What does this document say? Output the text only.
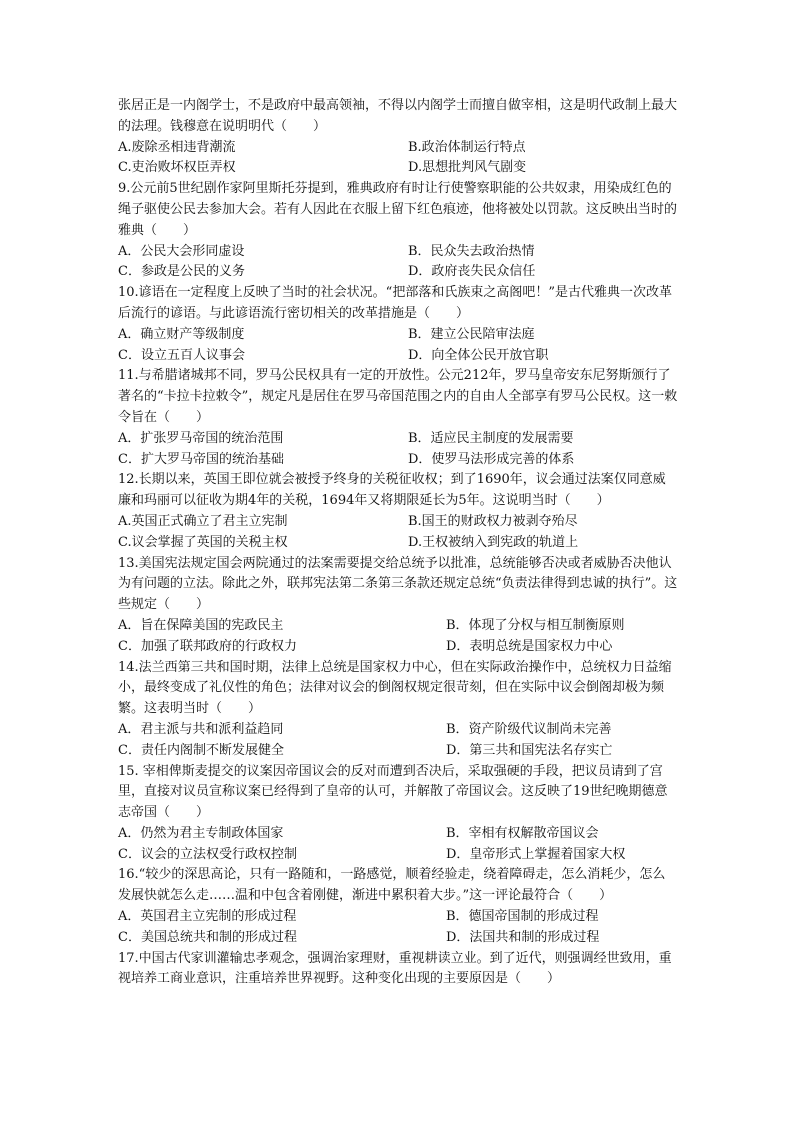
张居正是一内阁学士，不是政府中最高领袖，不得以内阁学士而擅自做宰相，这是明代政制上最大的法理。钱穆意在说明明代（　　）

A.废除丞相违背潮流	B.政治体制运行特点
C.吏治败坏权臣弄权	D.思想批判风气剧变

9.公元前5世纪剧作家阿里斯托芬提到，雅典政府有时让行使警察职能的公共奴隶，用染成红色的绳子驱使公民去参加大会。若有人因此在衣服上留下红色痕迹，他将被处以罚款。这反映出当时的雅典（　　）

A．公民大会形同虚设	B．民众失去政治热情
C．参政是公民的义务	D．政府丧失民众信任

10.谚语在一定程度上反映了当时的社会状况。“把部落和氏族束之高阁吧！”是古代雅典一次改革后流行的谚语。与此谚语流行密切相关的改革措施是（　　）

A．确立财产等级制度	B．建立公民陪审法庭
C．设立五百人议事会	D．向全体公民开放官职

11.与希腊诸城邦不同，罗马公民权具有一定的开放性。公元212年，罗马皇帝安东尼努斯颁行了著名的“卡拉卡拉敕令”，规定凡是居住在罗马帝国范围之内的自由人全部享有罗马公民权。这一敕令旨在（　　）

A．扩张罗马帝国的统治范围	B．适应民主制度的发展需要
C．扩大罗马帝国的统治基础	D．使罗马法形成完善的体系

12.长期以来，英国王即位就会被授予终身的关税征收权；到了1690年，议会通过法案仅同意威廉和玛丽可以征收为期4年的关税，1694年又将期限延长为5年。这说明当时（　　）

A.英国正式确立了君主立宪制	B.国王的财政权力被剥夺殆尽
C.议会掌握了英国的关税主权	D.王权被纳入到宪政的轨道上

13.美国宪法规定国会两院通过的法案需要提交给总统予以批准，总统能够否决或者威胁否决他认为有问题的立法。除此之外，联邦宪法第二条第三条款还规定总统“负责法律得到忠诚的执行”。这些规定（　　）

A．旨在保障美国的宪政民主	B．体现了分权与相互制衡原则
C．加强了联邦政府的行政权力	D．表明总统是国家权力中心

14.法兰西第三共和国时期，法律上总统是国家权力中心，但在实际政治操作中，总统权力日益缩小，最终变成了礼仪性的角色；法律对议会的倒阁权规定很苛刻，但在实际中议会倒阁却极为频繁。这表明当时（　　）

A．君主派与共和派利益趋同	B．资产阶级代议制尚未完善
C．责任内阁制不断发展健全	D．第三共和国宪法名存实亡

15. 宰相俾斯麦提交的议案因帝国议会的反对而遭到否决后，采取强硬的手段，把议员请到了宫里，直接对议员宣称议案已经得到了皇帝的认可，并解散了帝国议会。这反映了19世纪晚期德意志帝国（　　）

A．仍然为君主专制政体国家	B．宰相有权解散帝国议会
C．议会的立法权受行政权控制	D．皇帝形式上掌握着国家大权

16.“较少的深思高论，只有一路随和，一路感觉，顺着经验走，绕着障碍走，怎么消耗少，怎么发展快就怎么走……温和中包含着刚健，渐进中累积着大步。”这一评论最符合（　　）

A．英国君主立宪制的形成过程	B．德国帝国制的形成过程
C．美国总统共和制的形成过程	D．法国共和制的形成过程

17.中国古代家训灌输忠孝观念，强调治家理财，重视耕读立业。到了近代，则强调经世致用，重视培养工商业意识，注重培养世界视野。这种变化出现的主要原因是（　　）
